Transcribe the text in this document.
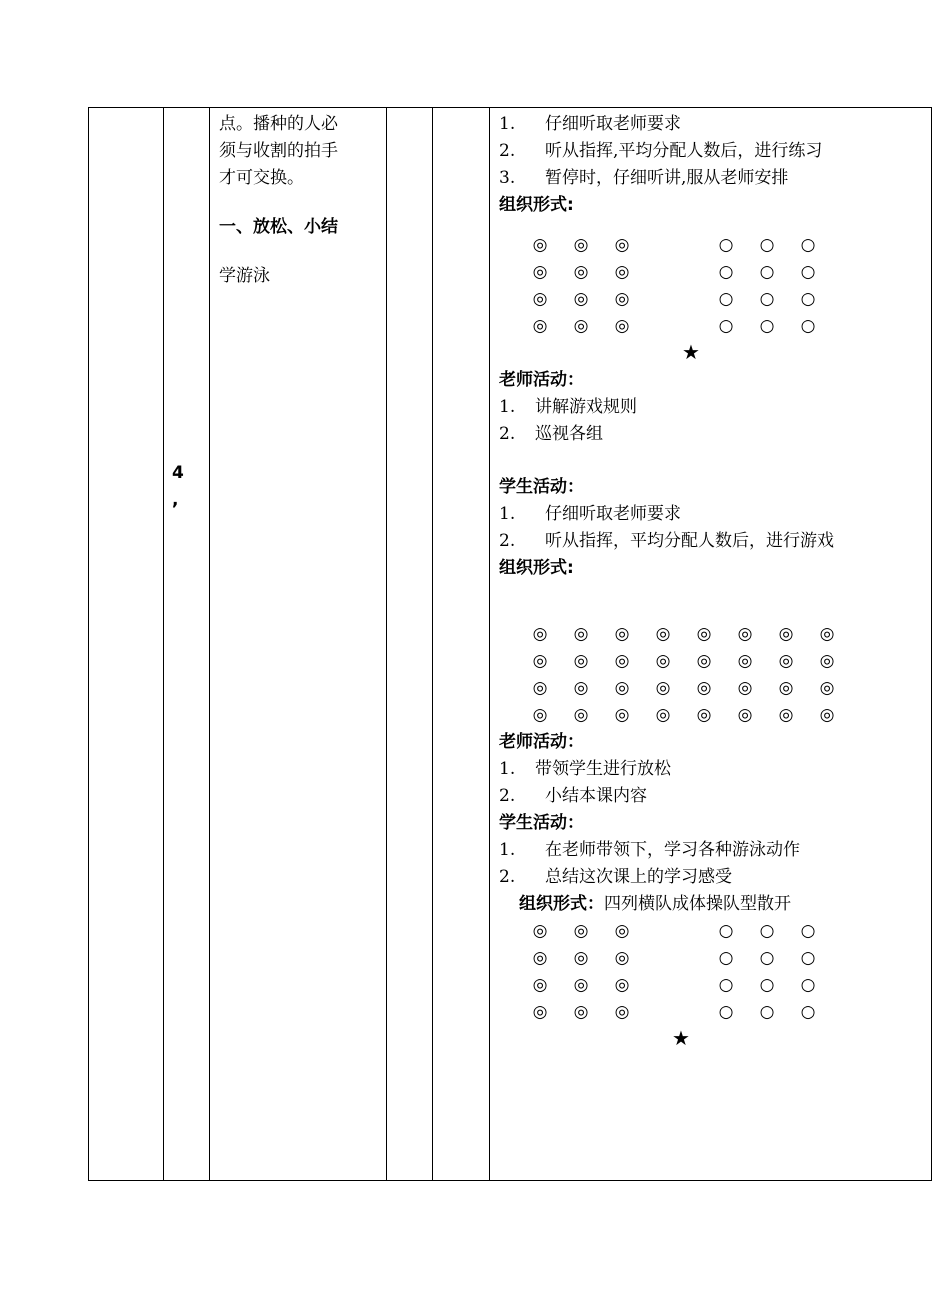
4
,
点。播种的人必
须与收割的拍手
才可交换。
一、放松、小结
学游泳
1. 仔细听取老师要求
2. 听从指挥,平均分配人数后，进行练习
3. 暂停时，仔细听讲,服从老师安排
组织形式:
◎ ◎ ◎	○ ○ ○
◎ ◎ ◎	○ ○ ○
◎ ◎ ◎	○ ○ ○
◎ ◎ ◎	○ ○ ○
★
老师活动：
1. 讲解游戏规则
2. 巡视各组
学生活动：
1. 仔细听取老师要求
2. 听从指挥，平均分配人数后，进行游戏
组织形式:
◎ ◎ ◎ ◎ ◎ ◎ ◎ ◎
◎ ◎ ◎ ◎ ◎ ◎ ◎ ◎
◎ ◎ ◎ ◎ ◎ ◎ ◎ ◎
◎ ◎ ◎ ◎ ◎ ◎ ◎ ◎
老师活动：
1. 带领学生进行放松
2. 小结本课内容
学生活动：
1. 在老师带领下，学习各种游泳动作
2. 总结这次课上的学习感受
组织形式：四列横队成体操队型散开
◎ ◎ ◎	○ ○ ○
◎ ◎ ◎	○ ○ ○
◎ ◎ ◎	○ ○ ○
◎ ◎ ◎	○ ○ ○
★
